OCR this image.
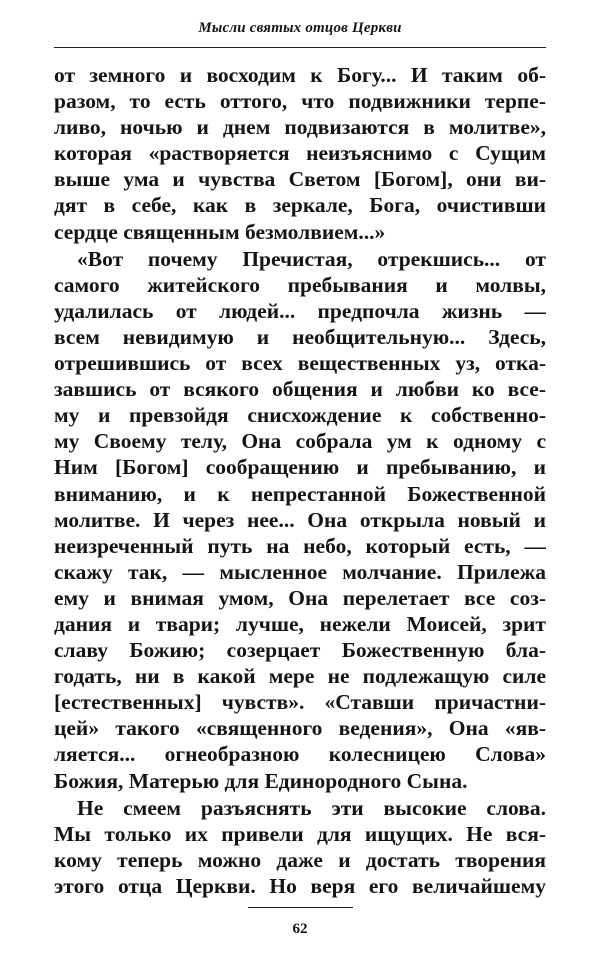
Мысли святых отцов Церкви

от земного и восходим к Богу... И таким об-
разом, то есть оттого, что подвижники терпе-
ливо, ночью и днем подвизаются в молитве»,
которая «растворяется неизъяснимо с Сущим
выше ума и чувства Светом [Богом], они ви-
дят в себе, как в зеркале, Бога, очистивши
сердце священным безмолвием...»

«Вот почему Пречистая, отрекшись... от
самого житейского пребывания и молвы,
удалилась от людей... предпочла жизнь —
всем невидимую и необщительную... Здесь,
отрешившись от всех вещественных уз, отка-
завшись от всякого общения и любви ко все-
му и превзойдя снисхождение к собственно-
му Своему телу, Она собрала ум к одному с
Ним [Богом] сообращению и пребыванию, и
вниманию, и к непрестанной Божественной
молитве. И через нее... Она открыла новый и
неизреченный путь на небо, который есть, —
скажу так, — мысленное молчание. Прилежа
ему и внимая умом, Она перелетает все соз-
дания и твари; лучше, нежели Моисей, зрит
славу Божию; созерцает Божественную бла-
годать, ни в какой мере не подлежащую силе
[естественных] чувств». «Ставши причастни-
цей» такого «священного ведения», Она «яв-
ляется... огнеобразною колесницею Слова»
Божия, Матерью для Единородного Сына.

Не смеем разъяснять эти высокие слова.
Мы только их привели для ищущих. Не вся-
кому теперь можно даже и достать творения
этого отца Церкви. Но веря его величайшему

62
